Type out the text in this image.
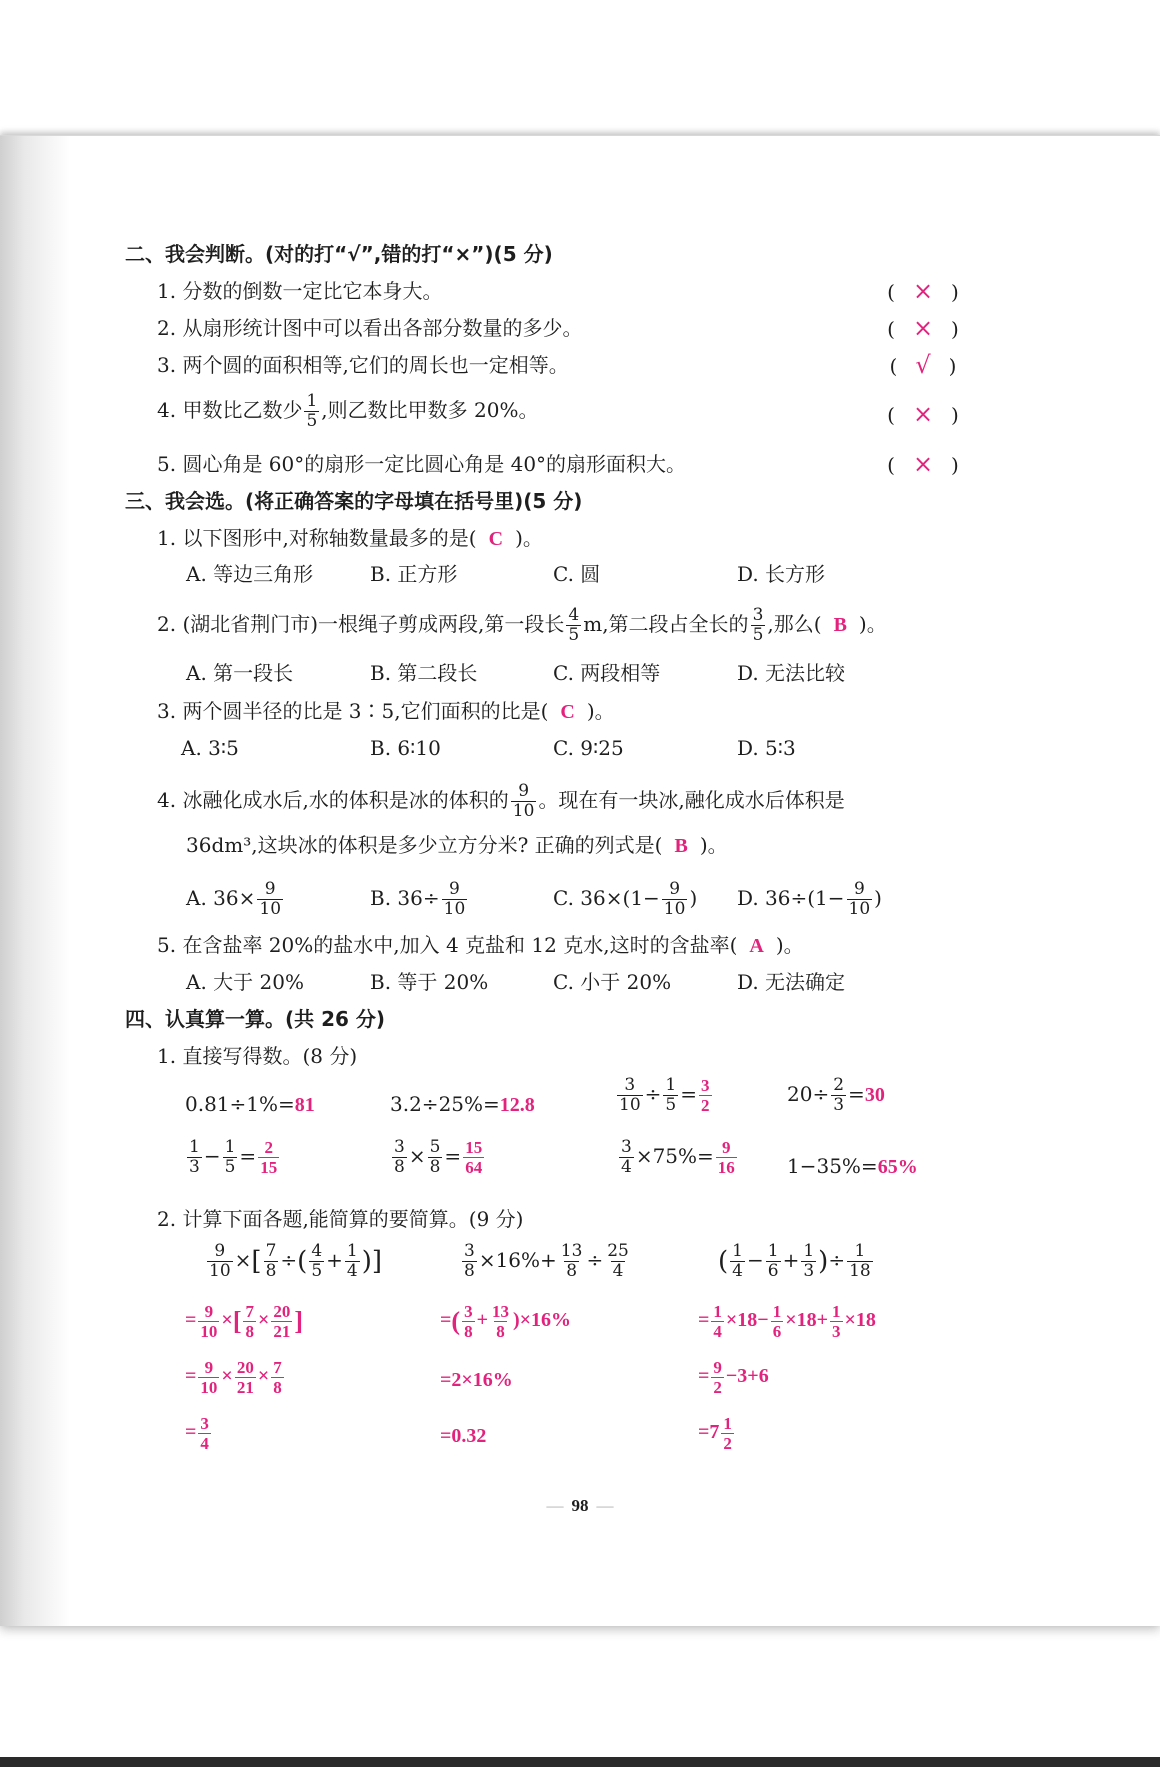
二、我会判断。(对的打“√”,错的打“×”)(5 分)
1. 分数的倒数一定比它本身大。	( × )
2. 从扇形统计图中可以看出各部分数量的多少。	( × )
3. 两个圆的面积相等,它们的周长也一定相等。	( √ )
4. 甲数比乙数少 $\frac{1}{5}$ ,则乙数比甲数多 20%。	( × )
5. 圆心角是 60°的扇形一定比圆心角是 40°的扇形面积大。	( × )
三、我会选。(将正确答案的字母填在括号里)(5 分)
1. 以下图形中,对称轴数量最多的是( C )。
A. 等边三角形	B. 正方形	C. 圆	D. 长方形
2. (湖北省荆门市)一根绳子剪成两段,第一段长 $\frac{4}{5} m$,第二段占全长的 $\frac{3}{5}$ ,那么( B )。
A. 第一段长	B. 第二段长	C. 两段相等	D. 无法比较
3. 两个圆半径的比是 3∶5,它们面积的比是( C )。
A. 3∶5	B. 6∶10	C. 9∶25	D. 5∶3
4. 冰融化成水后,水的体积是冰的体积的 $\frac{9}{10}$ 。现在有一块冰,融化成水后体积是
36dm³,这块冰的体积是多少立方分米? 正确的列式是( B )。
A. $36\times \frac{9}{10}$	B. $36\div \frac{9}{10}$	C. $36\times(1- \frac{9}{10}$ ) D. $36\div(1- \frac{9}{10}$ )
5. 在含盐率 20%的盐水中,加入 4 克盐和 12 克水,这时的含盐率( A )。
A. 大于 20%	B. 等于 20%	C. 小于 20%	D. 无法确定
四、认真算一算。(共 26 分)
1. 直接写得数。(8 分)
0.81÷1%=81	3.2÷25%=12.8	$\frac{3}{10} \div \frac{1}{5} = \frac{3}{2}$	$20\div \frac{2}{3} =30$
$\frac{1}{3} - \frac{1}{5} = \frac{2}{15}$	$\frac{3}{8} \times \frac{5}{8} = \frac{15}{64}$	$\frac{3}{4} \times 75\%= \frac{9}{16}$	1−35%=65%
2. 计算下面各题,能简算的要简算。(9 分)
$\frac{9}{10}$ ×[ $\frac{7}{8}$ ÷( $\frac{4}{5} + \frac{1}{4}$ )]	$\frac{3}{8} \times 16\%+ \frac{13}{8} \div \frac{25}{4}$	( $\frac{1}{4} - \frac{1}{6} + \frac{1}{3}$ )÷ $\frac{1}{18}$
= $\frac{9}{10}$ ×[ $\frac{7}{8} \times \frac{20}{21}$ ]
= $\frac{9}{10} \times \frac{20}{21} \times \frac{7}{8}$
= $\frac{3}{4}$
=( $\frac{3}{8} + \frac{13}{8} )\times 16\%$
=2×16%
=0.32
= $\frac{1}{4} \times 18- \frac{1}{6} \times 18+ \frac{1}{3} \times 18$
= $\frac{9}{2} -3+6$
$=7 \frac{1}{2}$
— 98 —
